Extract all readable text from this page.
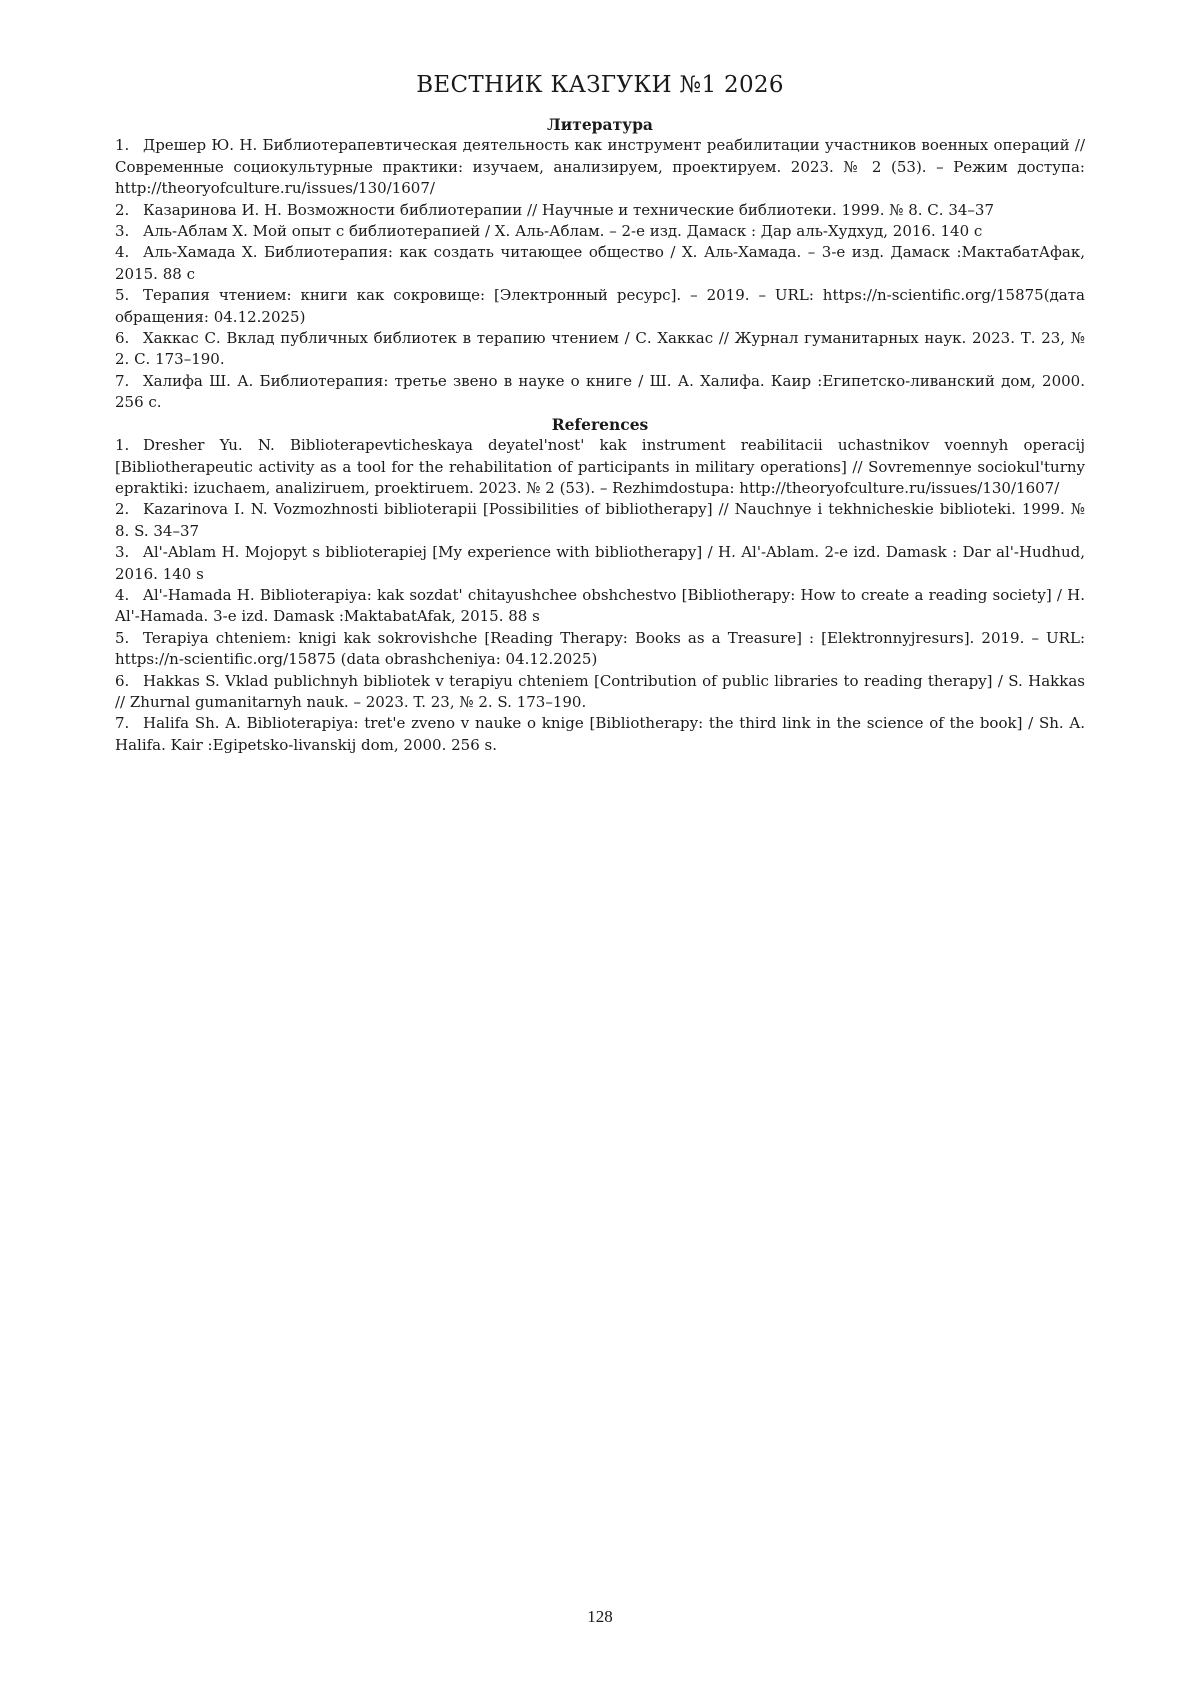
ВЕСТНИК КАЗГУКИ №1 2026
Литература
1. Дрешер Ю. Н. Библиотерапевтическая деятельность как инструмент реабилитации участников военных операций // Современные социокультурные практики: изучаем, анализируем, проектируем. 2023. № 2 (53). – Режим доступа: http://theoryofculture.ru/issues/130/1607/
2. Казаринова И. Н. Возможности библиотерапии // Научные и технические библиотеки. 1999. № 8. С. 34–37
3. Аль-Аблам Х. Мой опыт с библиотерапией / Х. Аль-Аблам. – 2-е изд. Дамаск : Дар аль-Худхуд, 2016. 140 с
4. Аль-Хамада Х. Библиотерапия: как создать читающее общество / Х. Аль-Хамада. – 3-е изд. Дамаск :МактабатАфак, 2015. 88 с
5. Терапия чтением: книги как сокровище: [Электронный ресурс]. – 2019. – URL: https://n-scientific.org/15875(дата обращения: 04.12.2025)
6. Хаккас С. Вклад публичных библиотек в терапию чтением / С. Хаккас // Журнал гуманитарных наук. 2023. Т. 23, № 2. С. 173–190.
7. Халифа Ш. А. Библиотерапия: третье звено в науке о книге / Ш. А. Халифа. Каир :Египетско-ливанский дом, 2000. 256 с.
References
1. Dresher Yu. N. Biblioterapevticheskaya deyatel'nost' kak instrument reabilitacii uchastnikov voennyh operacij [Bibliotherapeutic activity as a tool for the rehabilitation of participants in military operations] // Sovremennye sociokul'turny epraktiki: izuchaem, analiziruem, proektiruem. 2023. № 2 (53). – Rezhimdostupa: http://theoryofculture.ru/issues/130/1607/
2. Kazarinova I. N. Vozmozhnosti biblioterapii [Possibilities of bibliotherapy] // Nauchnye i tekhnicheskie biblioteki. 1999. № 8. S. 34–37
3. Al'-Ablam H. Mojopyt s biblioterapiej [My experience with bibliotherapy] / H. Al'-Ablam. 2-e izd. Damask : Dar al'-Hudhud, 2016. 140 s
4. Al'-Hamada H. Biblioterapiya: kak sozdat' chitayushchee obshchestvo [Bibliotherapy: How to create a reading society] / H. Al'-Hamada. 3-e izd. Damask :MaktabatAfak, 2015. 88 s
5. Terapiya chteniem: knigi kak sokrovishche [Reading Therapy: Books as a Treasure] : [Elektronnyjresurs]. 2019. – URL: https://n-scientific.org/15875 (data obrashcheniya: 04.12.2025)
6. Hakkas S. Vklad publichnyh bibliotek v terapiyu chteniem [Contribution of public libraries to reading therapy] / S. Hakkas // Zhurnal gumanitarnyh nauk. – 2023. T. 23, № 2. S. 173–190.
7. Halifa Sh. A. Biblioterapiya: tret'e zveno v nauke o knige [Bibliotherapy: the third link in the science of the book] / Sh. A. Halifa. Kair :Egipetsko-livanskij dom, 2000. 256 s.
128
